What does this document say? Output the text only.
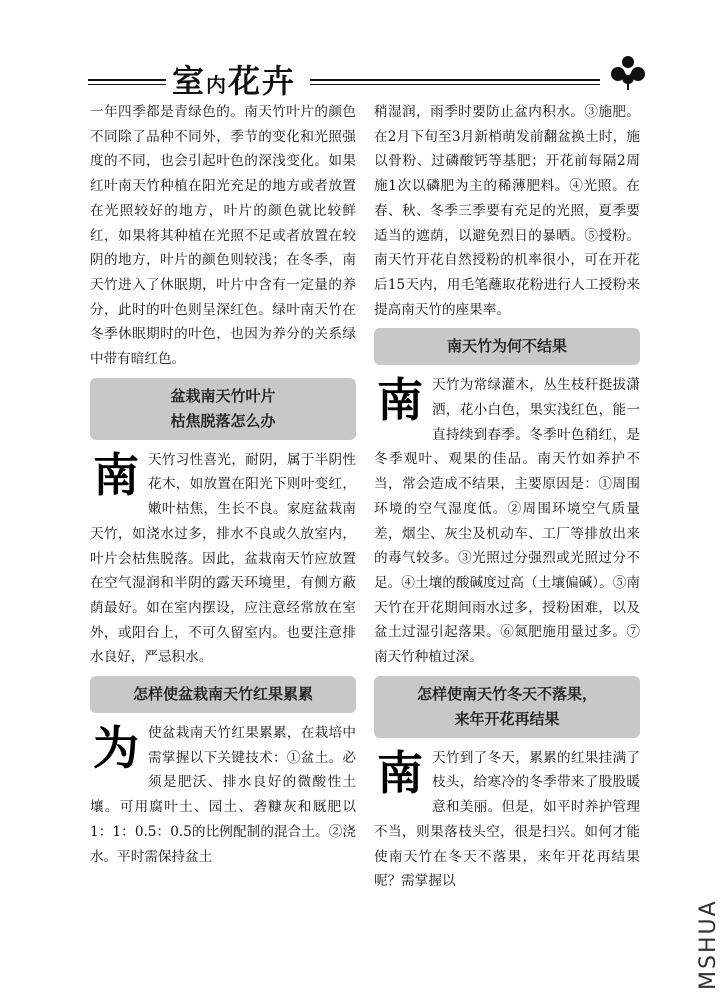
室内花卉

一年四季都是青绿色的。南天竹叶片的颜色不同除了品种不同外，季节的变化和光照强度的不同，也会引起叶色的深浅变化。如果红叶南天竹种植在阳光充足的地方或者放置在光照较好的地方，叶片的颜色就比较鲜红，如果将其种植在光照不足或者放置在较阴的地方，叶片的颜色则较浅；在冬季，南天竹进入了休眠期，叶片中含有一定量的养分，此时的叶色则呈深红色。绿叶南天竹在冬季休眠期时的叶色，也因为养分的关系绿中带有暗红色。

盆栽南天竹叶片
枯焦脱落怎么办

南 天竹习性喜光，耐阴，属于半阴性花木，如放置在阳光下则叶变红，嫩叶枯焦，生长不良。家庭盆栽南天竹，如浇水过多，排水不良或久放室内，叶片会枯焦脱落。因此，盆栽南天竹应放置在空气湿润和半阴的露天环境里，有侧方蔽荫最好。如在室内摆设，应注意经常放在室外，或阳台上，不可久留室内。也要注意排水良好，严忌积水。

怎样使盆栽南天竹红果累累

为 使盆栽南天竹红果累累，在栽培中需掌握以下关键技术：①盆土。必须是肥沃、排水良好的微酸性土壤。可用腐叶土、园土、砻糠灰和厩肥以1：1：0.5：0.5的比例配制的混合土。②浇水。平时需保持盆土

稍湿润，雨季时要防止盆内积水。③施肥。在2月下旬至3月新梢萌发前翻盆换土时，施以骨粉、过磷酸钙等基肥；开花前每隔2周施1次以磷肥为主的稀薄肥料。④光照。在春、秋、冬季三季要有充足的光照，夏季要适当的遮荫，以避免烈日的暴晒。⑤授粉。南天竹开花自然授粉的机率很小，可在开花后15天内，用毛笔蘸取花粉进行人工授粉来提高南天竹的座果率。

南天竹为何不结果

南 天竹为常绿灌木，丛生枝秆挺拔潇洒，花小白色，果实浅红色，能一直持续到春季。冬季叶色稍红，是冬季观叶、观果的佳品。南天竹如养护不当，常会造成不结果，主要原因是：①周围环境的空气湿度低。②周围环境空气质量差，烟尘、灰尘及机动车、工厂等排放出来的毒气较多。③光照过分强烈或光照过分不足。④土壤的酸碱度过高（土壤偏碱）。⑤南天竹在开花期间雨水过多，授粉困难，以及盆土过湿引起落果。⑥氮肥施用量过多。⑦南天竹种植过深。

怎样使南天竹冬天不落果，
来年开花再结果

南 天竹到了冬天，累累的红果挂满了枝头，给寒冷的冬季带来了股股暖意和美丽。但是，如平时养护管理不当，则果落枝头空，很是扫兴。如何才能使南天竹在冬天不落果，来年开花再结果呢？需掌握以

MSHUA
